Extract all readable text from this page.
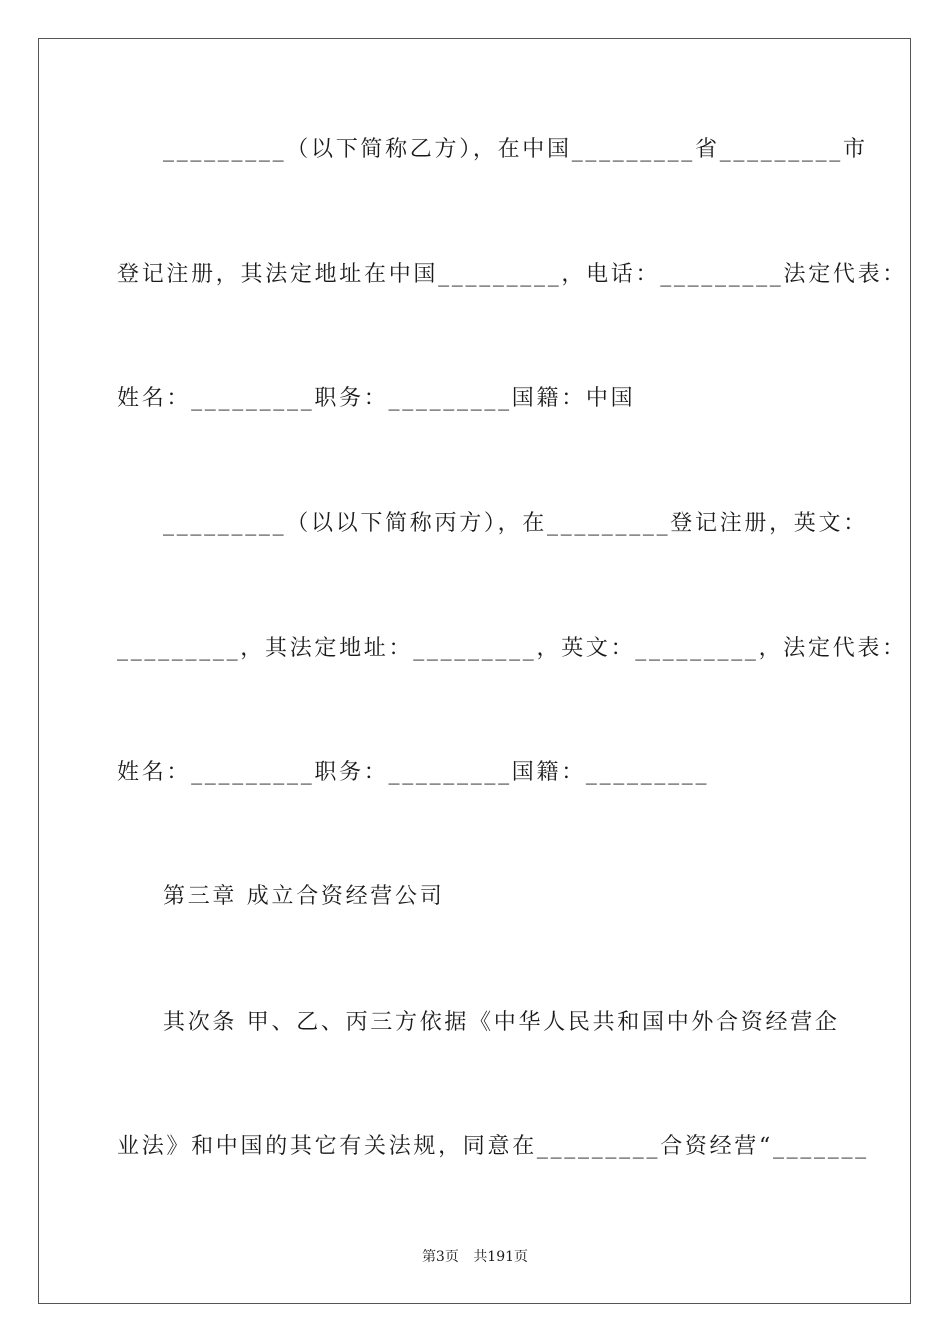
_________（以下简称乙方），在中国_________省_________市
登记注册，其法定地址在中国_________，电话：_________法定代表：
姓名：_________职务：_________国籍：中国
_________（以以下简称丙方），在_________登记注册，英文：
_________，其法定地址：_________，英文：_________，法定代表：
姓名：_________职务：_________国籍：_________
第三章 成立合资经营公司
其次条 甲、乙、丙三方依据《中华人民共和国中外合资经营企
业法》和中国的其它有关法规，同意在_________合资经营“_______
第3页 共191页
